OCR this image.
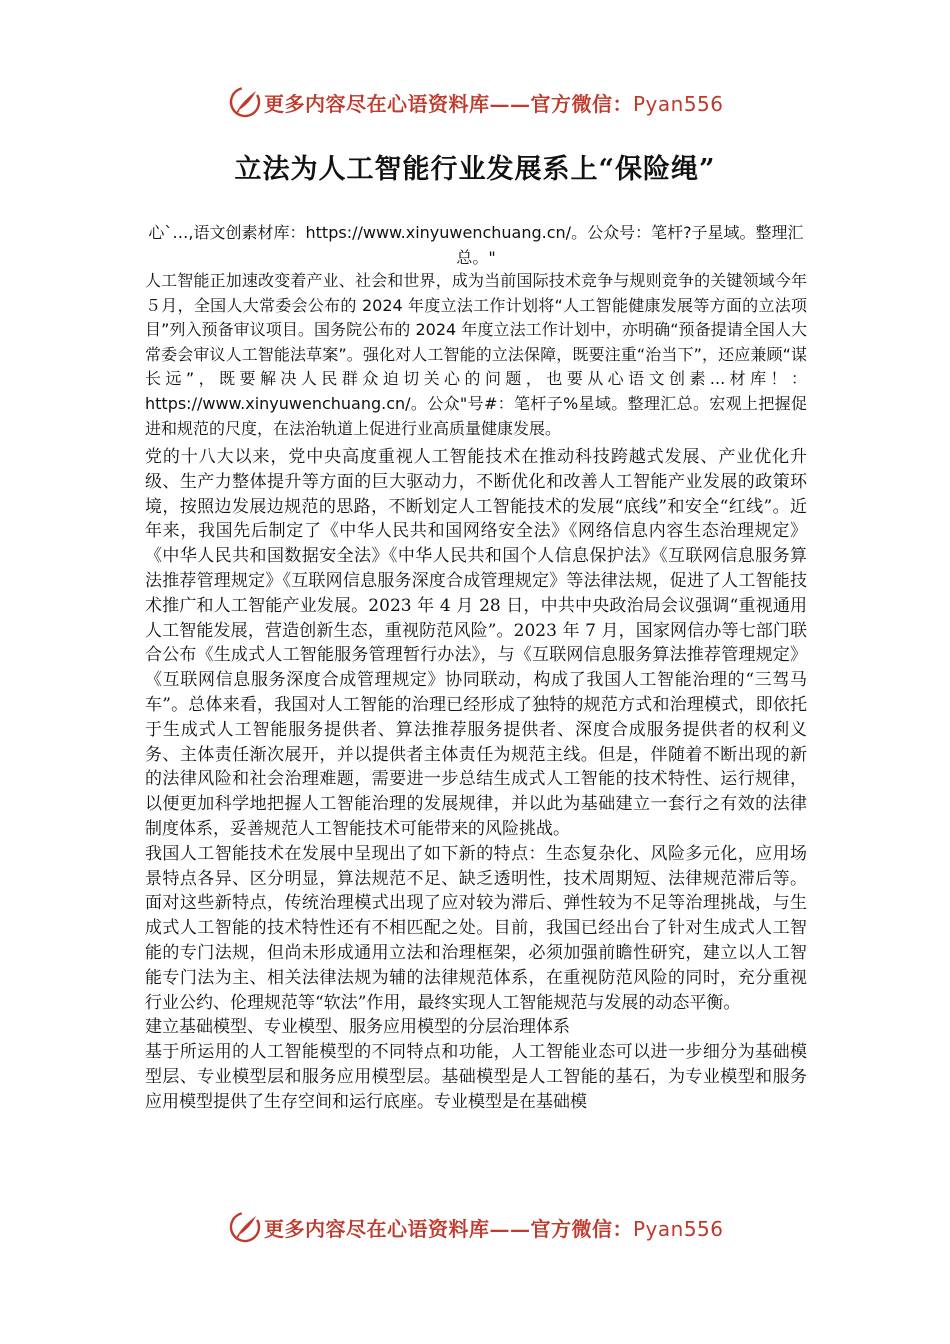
更多内容尽在心语资料库——官方微信：Pyan556
立法为人工智能行业发展系上“保险绳”
心`…,语文创素材库：https://www.xinyuwenchuang.cn/。公众号：笔杆?子星域。整理汇总。"

人工智能正加速改变着产业、社会和世界，成为当前国际技术竞争与规则竞争的关键领域今年５月，全国人大常委会公布的 2024 年度立法工作计划将“人工智能健康发展等方面的立法项目”列入预备审议项目。国务院公布的 2024 年度立法工作计划中，亦明确“预备提请全国人大常委会审议人工智能法草案”。强化对人工智能的立法保障，既要注重“治当下”，还应兼顾“谋长远”，既要解决人民群众迫切关心的问题，也要从心语文创素...材库！：https://www.xinyuwenchuang.cn/。公众"号#：笔杆子%星域。整理汇总。宏观上把握促进和规范的尺度，在法治轨道上促进行业高质量健康发展。

党的十八大以来，党中央高度重视人工智能技术在推动科技跨越式发展、产业优化升级、生产力整体提升等方面的巨大驱动力，不断优化和改善人工智能产业发展的政策环境，按照边发展边规范的思路，不断划定人工智能技术的发展“底线”和安全“红线”。近年来，我国先后制定了《中华人民共和国网络安全法》《网络信息内容生态治理规定》《中华人民共和国数据安全法》《中华人民共和国个人信息保护法》《互联网信息服务算法推荐管理规定》《互联网信息服务深度合成管理规定》等法律法规，促进了人工智能技术推广和人工智能产业发展。2023 年 4 月 28 日，中共中央政治局会议强调“重视通用人工智能发展，营造创新生态，重视防范风险”。2023 年 7 月，国家网信办等七部门联合公布《生成式人工智能服务管理暂行办法》，与《互联网信息服务算法推荐管理规定》《互联网信息服务深度合成管理规定》协同联动，构成了我国人工智能治理的“三驾马车”。总体来看，我国对人工智能的治理已经形成了独特的规范方式和治理模式，即依托于生成式人工智能服务提供者、算法推荐服务提供者、深度合成服务提供者的权利义务、主体责任渐次展开，并以提供者主体责任为规范主线。但是，伴随着不断出现的新的法律风险和社会治理难题，需要进一步总结生成式人工智能的技术特性、运行规律，以便更加科学地把握人工智能治理的发展规律，并以此为基础建立一套行之有效的法律制度体系，妥善规范人工智能技术可能带来的风险挑战。

我国人工智能技术在发展中呈现出了如下新的特点：生态复杂化、风险多元化，应用场景特点各异、区分明显，算法规范不足、缺乏透明性，技术周期短、法律规范滞后等。面对这些新特点，传统治理模式出现了应对较为滞后、弹性较为不足等治理挑战，与生成式人工智能的技术特性还有不相匹配之处。目前，我国已经出台了针对生成式人工智能的专门法规，但尚未形成通用立法和治理框架，必须加强前瞻性研究，建立以人工智能专门法为主、相关法律法规为辅的法律规范体系，在重视防范风险的同时，充分重视行业公约、伦理规范等“软法”作用，最终实现人工智能规范与发展的动态平衡。

建立基础模型、专业模型、服务应用模型的分层治理体系

基于所运用的人工智能模型的不同特点和功能，人工智能业态可以进一步细分为基础模型层、专业模型层和服务应用模型层。基础模型是人工智能的基石，为专业模型和服务应用模型提供了生存空间和运行底座。专业模型是在基础模

更多内容尽在心语资料库——官方微信：Pyan556
